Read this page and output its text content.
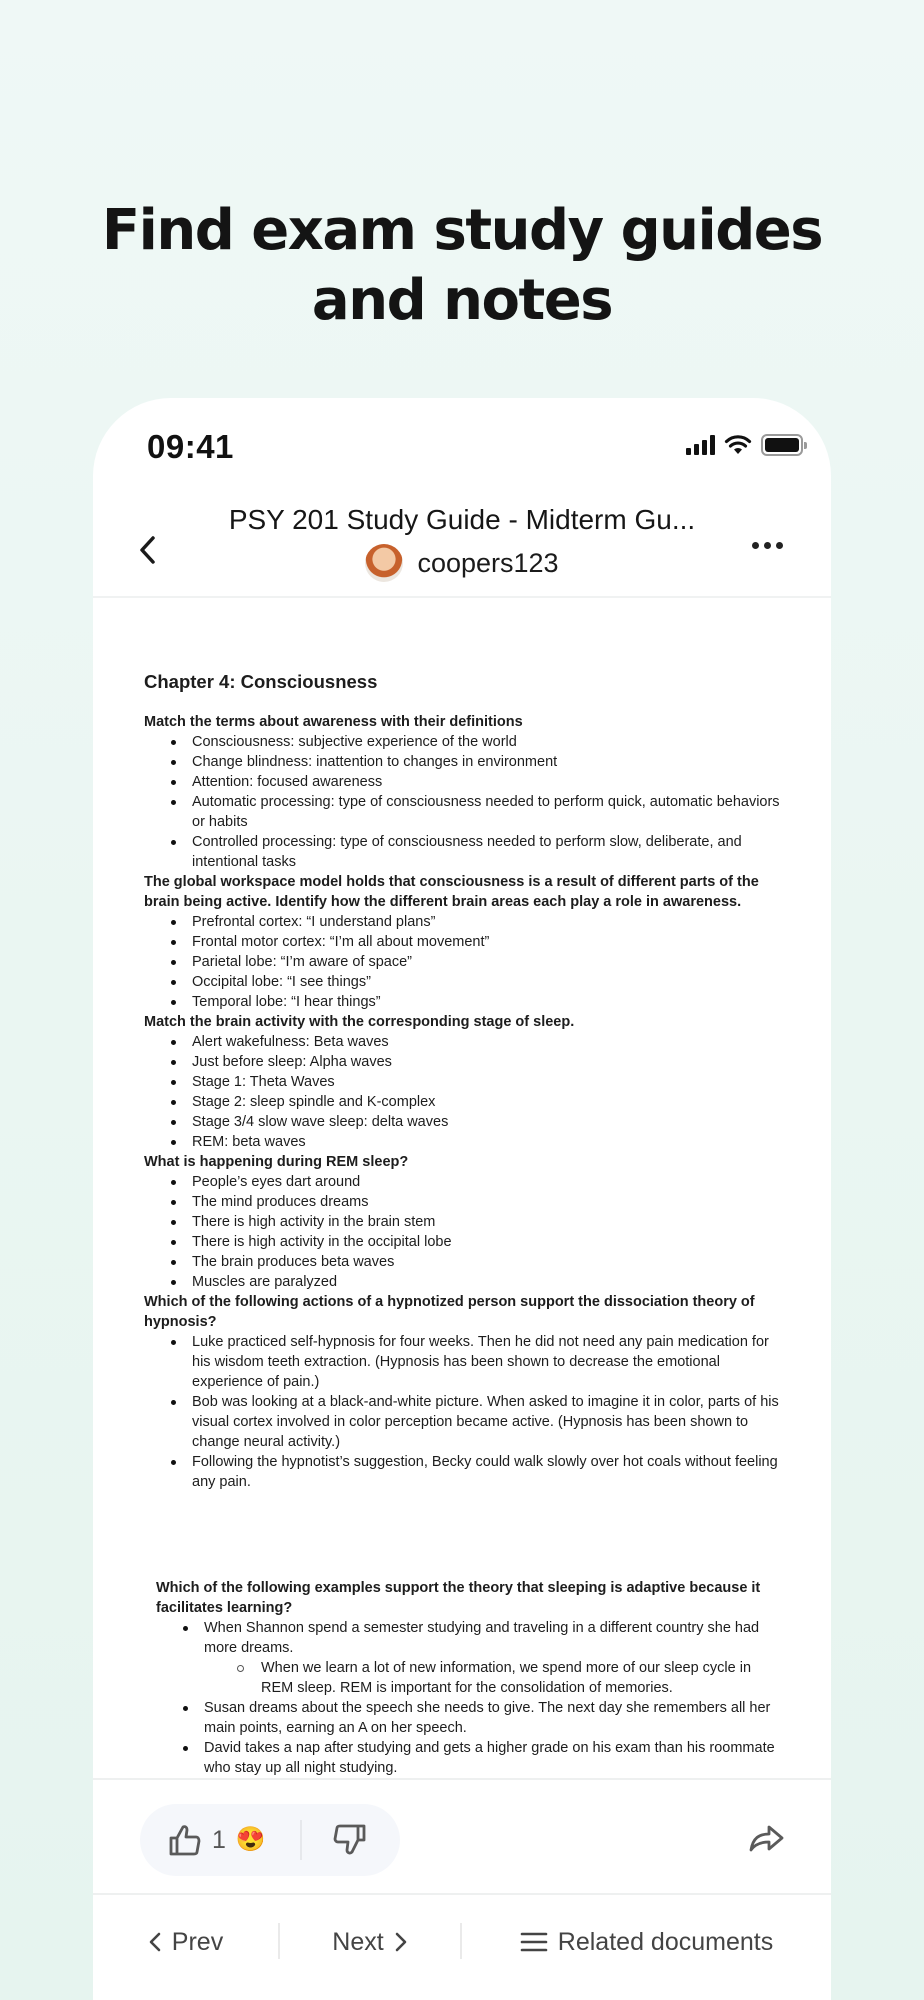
Find exam study guides
and notes
09:41
PSY 201 Study Guide - Midterm Gu...
coopers123
Chapter 4: Consciousness
Match the terms about awareness with their definitions
Consciousness: subjective experience of the world
Change blindness: inattention to changes in environment
Attention: focused awareness
Automatic processing: type of consciousness needed to perform quick, automatic behaviors or habits
Controlled processing: type of consciousness needed to perform slow, deliberate, and intentional tasks
The global workspace model holds that consciousness is a result of different parts of the brain being active. Identify how the different brain areas each play a role in awareness.
Prefrontal cortex: “I understand plans”
Frontal motor cortex: “I’m all about movement”
Parietal lobe: “I’m aware of space”
Occipital lobe: “I see things”
Temporal lobe: “I hear things”
Match the brain activity with the corresponding stage of sleep.
Alert wakefulness: Beta waves
Just before sleep: Alpha waves
Stage 1: Theta Waves
Stage 2: sleep spindle and K-complex
Stage 3/4 slow wave sleep: delta waves
REM: beta waves
What is happening during REM sleep?
People’s eyes dart around
The mind produces dreams
There is high activity in the brain stem
There is high activity in the occipital lobe
The brain produces beta waves
Muscles are paralyzed
Which of the following actions of a hypnotized person support the dissociation theory of hypnosis?
Luke practiced self-hypnosis for four weeks. Then he did not need any pain medication for his wisdom teeth extraction. (Hypnosis has been shown to decrease the emotional experience of pain.)
Bob was looking at a black-and-white picture. When asked to imagine it in color, parts of his visual cortex involved in color perception became active. (Hypnosis has been shown to change neural activity.)
Following the hypnotist’s suggestion, Becky could walk slowly over hot coals without feeling any pain.
Which of the following examples support the theory that sleeping is adaptive because it facilitates learning?
When Shannon spend a semester studying and traveling in a different country she had more dreams.
When we learn a lot of new information, we spend more of our sleep cycle in REM sleep. REM is important for the consolidation of memories.
Susan dreams about the speech she needs to give. The next day she remembers all her main points, earning an A on her speech.
David takes a nap after studying and gets a higher grade on his exam than his roommate who stay up all night studying.
1 😍
Prev	Next	Related documents
